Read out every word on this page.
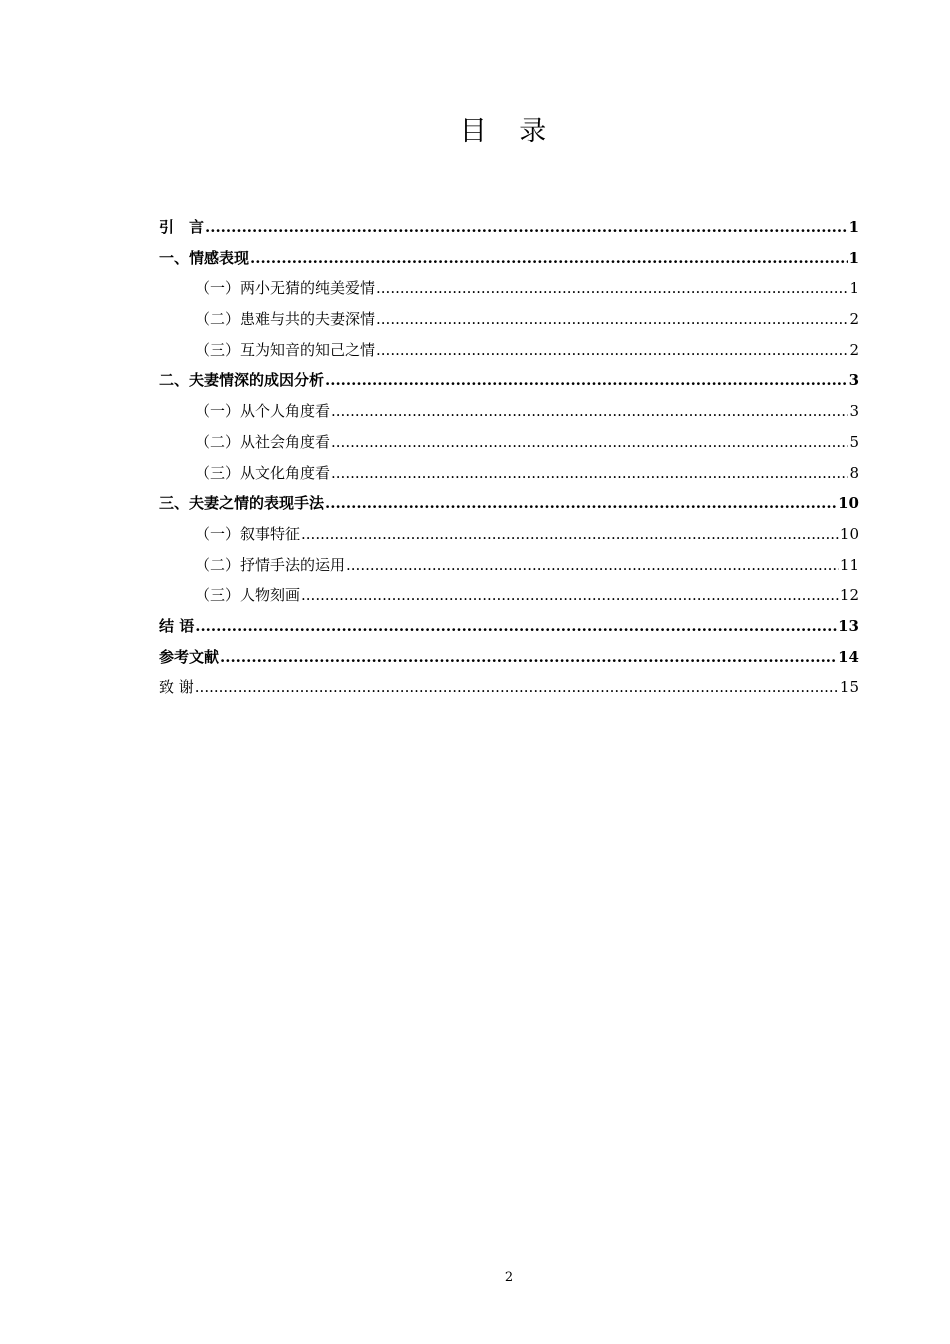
目 录
引　言 .....	1
一、情感表现 .....	1
（一）两小无猜的纯美爱情 .....	1
（二）患难与共的夫妻深情 .....	2
（三）互为知音的知己之情 .....	2
二、夫妻情深的成因分析 .....	3
（一）从个人角度看 .....	3
（二）从社会角度看 .....	5
（三）从文化角度看 .....	8
三、夫妻之情的表现手法 .....	10
（一）叙事特征 .....	10
（二）抒情手法的运用 .....	11
（三）人物刻画 .....	12
结 语 .....	13
参考文献 .....	14
致 谢 .....	15
2
